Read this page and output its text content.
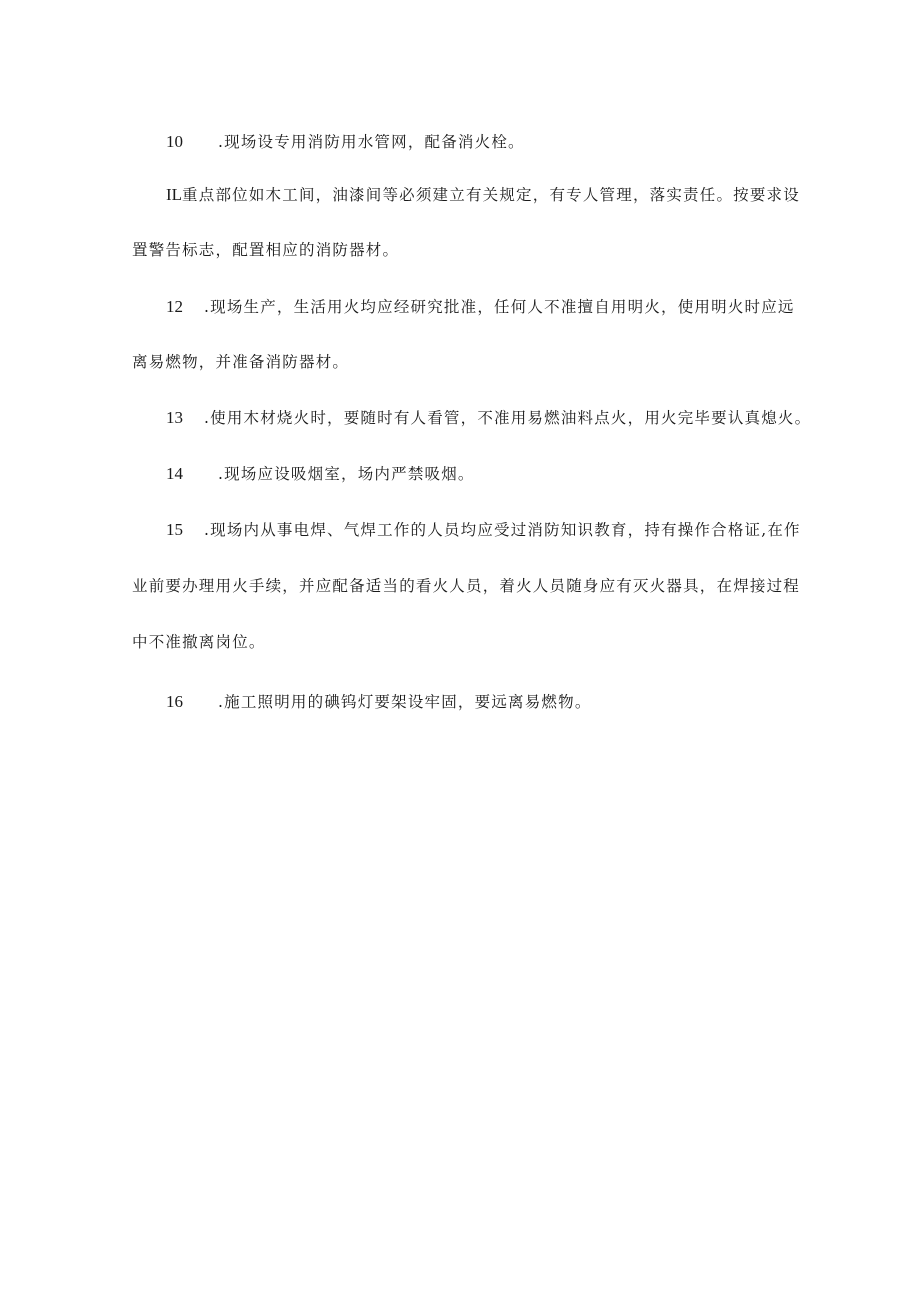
10 .现场设专用消防用水管网，配备消火栓。
IL重点部位如木工间，油漆间等必须建立有关规定，有专人管理，落实责任。按要求设
置警告标志，配置相应的消防器材。
12 .现场生产，生活用火均应经研究批准，任何人不准擅自用明火，使用明火时应远
离易燃物，并准备消防器材。
13 .使用木材烧火时，要随时有人看管，不准用易燃油料点火，用火完毕要认真熄火。
14 .现场应设吸烟室，场内严禁吸烟。
15 .现场内从事电焊、气焊工作的人员均应受过消防知识教育，持有操作合格证,在作
业前要办理用火手续，并应配备适当的看火人员，着火人员随身应有灭火器具，在焊接过程
中不准撤离岗位。
16 .施工照明用的碘钨灯要架设牢固，要远离易燃物。
